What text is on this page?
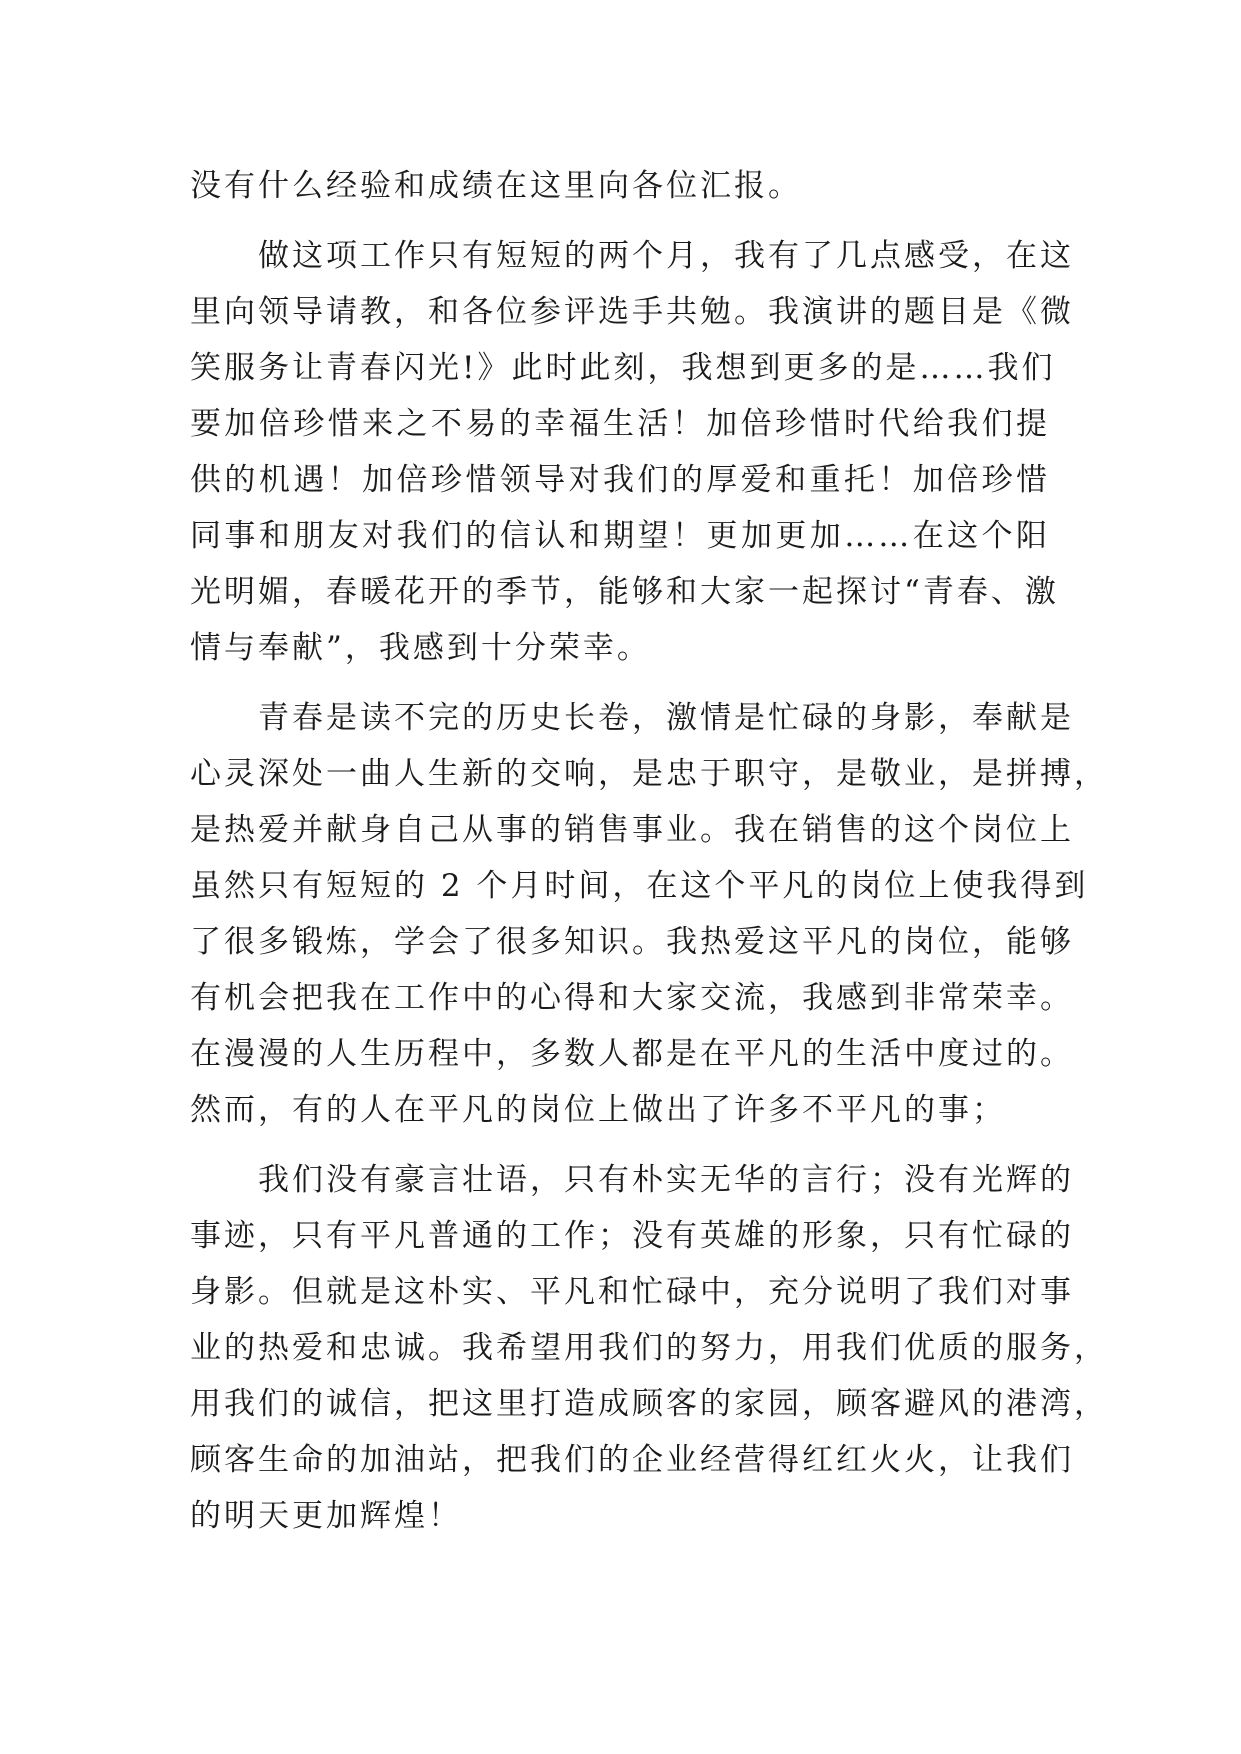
没有什么经验和成绩在这里向各位汇报。
做这项工作只有短短的两个月，我有了几点感受，在这
里向领导请教，和各位参评选手共勉。我演讲的题目是《微
笑服务让青春闪光!》此时此刻，我想到更多的是……我们
要加倍珍惜来之不易的幸福生活！加倍珍惜时代给我们提
供的机遇！加倍珍惜领导对我们的厚爱和重托！加倍珍惜
同事和朋友对我们的信认和期望！更加更加……在这个阳
光明媚，春暖花开的季节，能够和大家一起探讨“青春、激
情与奉献”，我感到十分荣幸。
青春是读不完的历史长卷，激情是忙碌的身影，奉献是
心灵深处一曲人生新的交响，是忠于职守，是敬业，是拼搏，
是热爱并献身自己从事的销售事业。我在销售的这个岗位上
虽然只有短短的 2 个月时间，在这个平凡的岗位上使我得到
了很多锻炼，学会了很多知识。我热爱这平凡的岗位，能够
有机会把我在工作中的心得和大家交流，我感到非常荣幸。
在漫漫的人生历程中，多数人都是在平凡的生活中度过的。
然而，有的人在平凡的岗位上做出了许多不平凡的事；
我们没有豪言壮语，只有朴实无华的言行；没有光辉的
事迹，只有平凡普通的工作；没有英雄的形象，只有忙碌的
身影。但就是这朴实、平凡和忙碌中，充分说明了我们对事
业的热爱和忠诚。我希望用我们的努力，用我们优质的服务，
用我们的诚信，把这里打造成顾客的家园，顾客避风的港湾，
顾客生命的加油站，把我们的企业经营得红红火火，让我们
的明天更加辉煌！
